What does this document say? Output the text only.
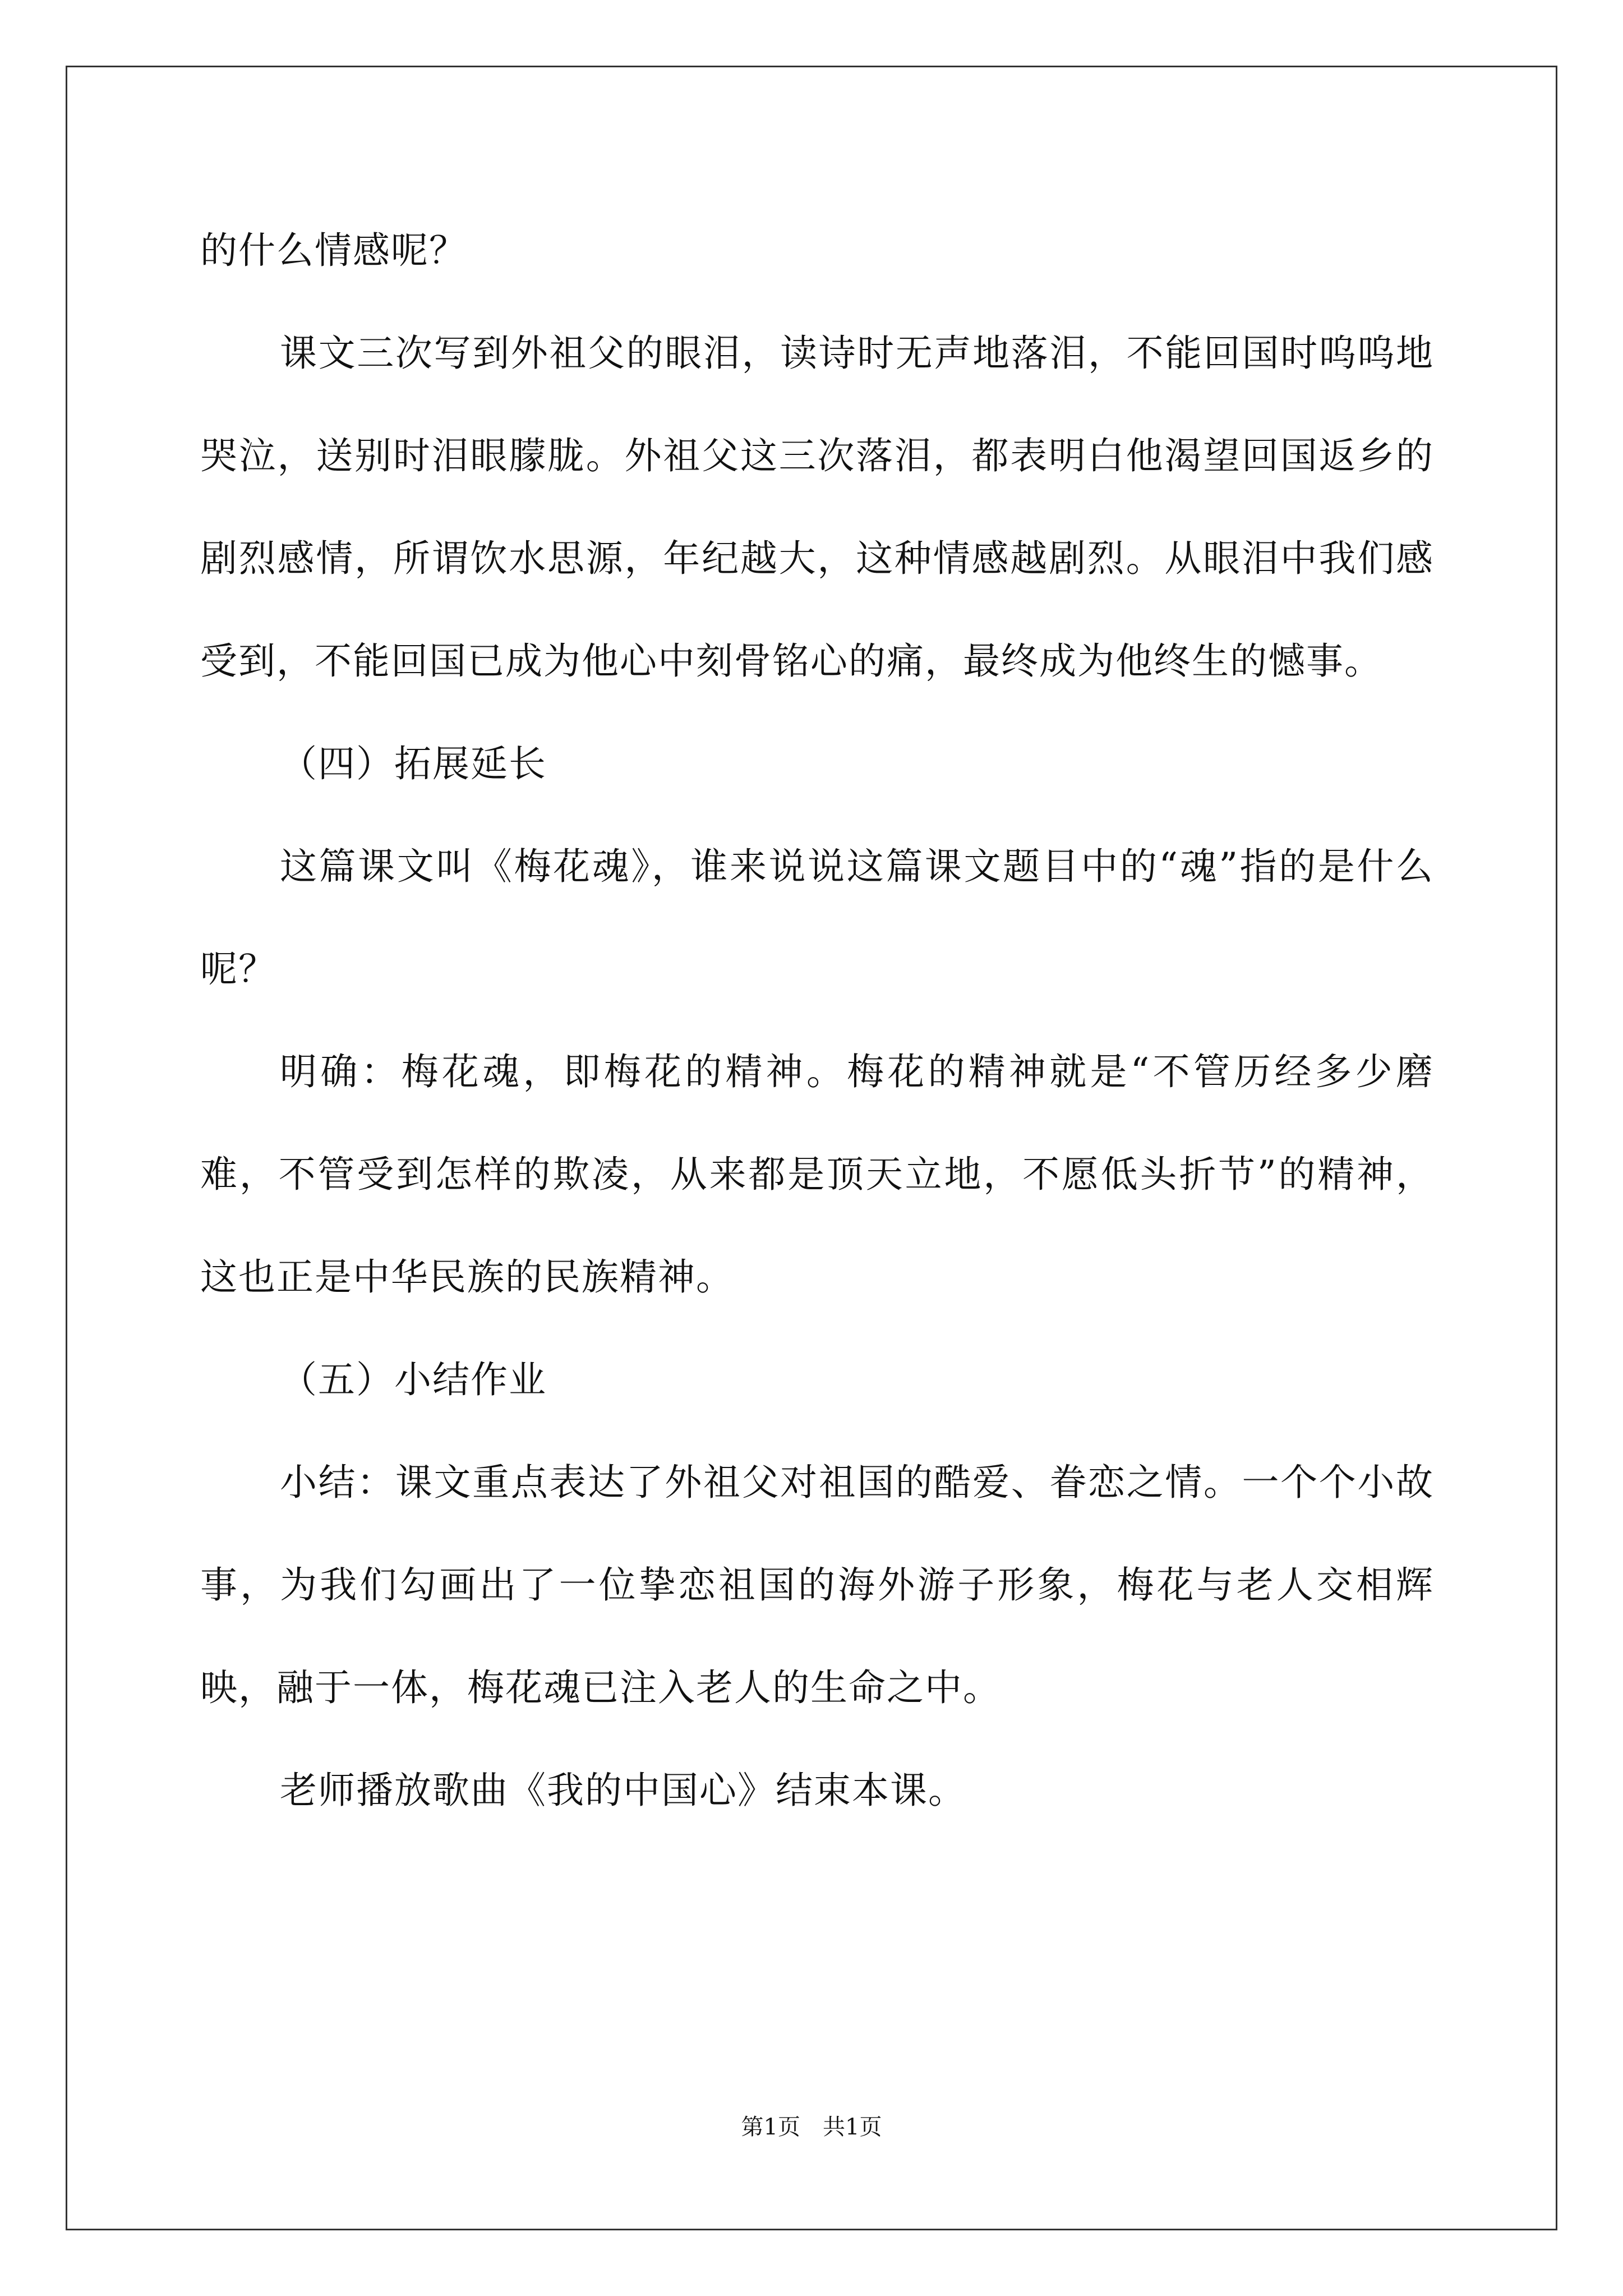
的什么情感呢？

课文三次写到外祖父的眼泪，读诗时无声地落泪，不能回国时呜呜地哭泣，送别时泪眼朦胧。外祖父这三次落泪，都表明白他渴望回国返乡的剧烈感情，所谓饮水思源，年纪越大，这种情感越剧烈。从眼泪中我们感受到，不能回国已成为他心中刻骨铭心的痛，最终成为他终生的憾事。

（四）拓展延长

这篇课文叫《梅花魂》，谁来说说这篇课文题目中的“魂”指的是什么呢？

明确：梅花魂，即梅花的精神。梅花的精神就是“不管历经多少磨难，不管受到怎样的欺凌，从来都是顶天立地，不愿低头折节”的精神，这也正是中华民族的民族精神。

（五）小结作业

小结：课文重点表达了外祖父对祖国的酷爱、眷恋之情。一个个小故事，为我们勾画出了一位挚恋祖国的海外游子形象，梅花与老人交相辉映，融于一体，梅花魂已注入老人的生命之中。

老师播放歌曲《我的中国心》结束本课。

第1页 共1页
